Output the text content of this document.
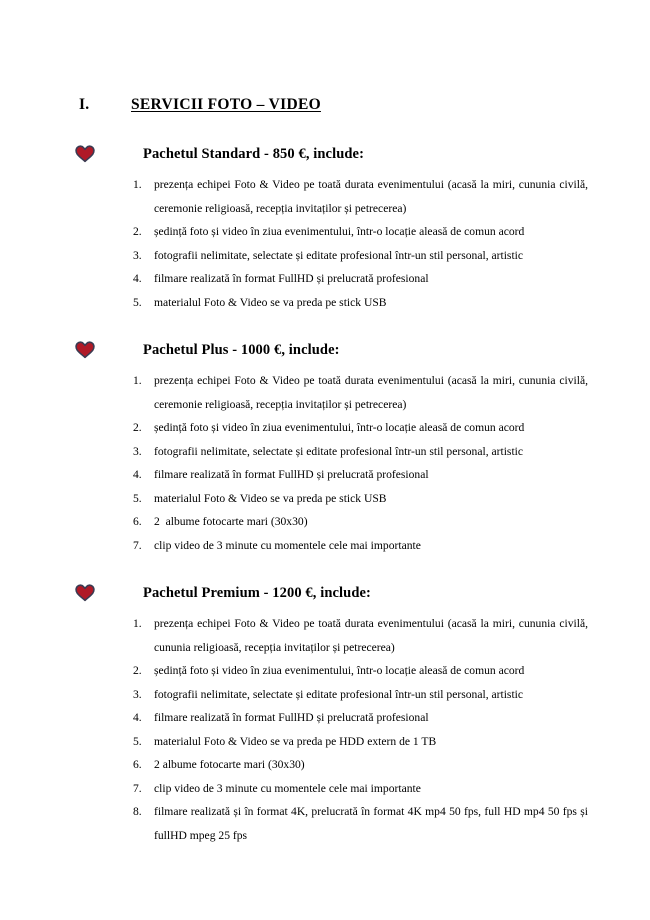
I.	SERVICII FOTO – VIDEO
Pachetul Standard - 850 €, include:
1.	prezența echipei Foto & Video pe toată durata evenimentului (acasă la miri, cununia civilă, ceremonie religioasă, recepția invitaților și petrecerea)
2.	ședință foto și video în ziua evenimentului, într-o locație aleasă de comun acord
3.	fotografii nelimitate, selectate și editate profesional într-un stil personal, artistic
4.	filmare realizată în format FullHD și prelucrată profesional
5.	materialul Foto & Video se va preda pe stick USB
Pachetul Plus - 1000 €, include:
1.	prezența echipei Foto & Video pe toată durata evenimentului (acasă la miri, cununia civilă, ceremonie religioasă, recepția invitaților și petrecerea)
2.	ședință foto și video în ziua evenimentului, într-o locație aleasă de comun acord
3.	fotografii nelimitate, selectate și editate profesional într-un stil personal, artistic
4.	filmare realizată în format FullHD și prelucrată profesional
5.	materialul Foto & Video se va preda pe stick USB
6.	2  albume fotocarte mari (30x30)
7.	clip video de 3 minute cu momentele cele mai importante
Pachetul Premium - 1200 €, include:
1.	prezența echipei Foto & Video pe toată durata evenimentului (acasă la miri, cununia civilă, cununia religioasă, recepția invitaților și petrecerea)
2.	ședință foto și video în ziua evenimentului, într-o locație aleasă de comun acord
3.	fotografii nelimitate, selectate și editate profesional într-un stil personal, artistic
4.	filmare realizată în format FullHD și prelucrată profesional
5.	materialul Foto & Video se va preda pe HDD extern de 1 TB
6.	2 albume fotocarte mari (30x30)
7.	clip video de 3 minute cu momentele cele mai importante
8.	filmare realizată și în format 4K, prelucrată în format 4K mp4 50 fps, full HD mp4 50 fps și fullHD mpeg 25 fps
